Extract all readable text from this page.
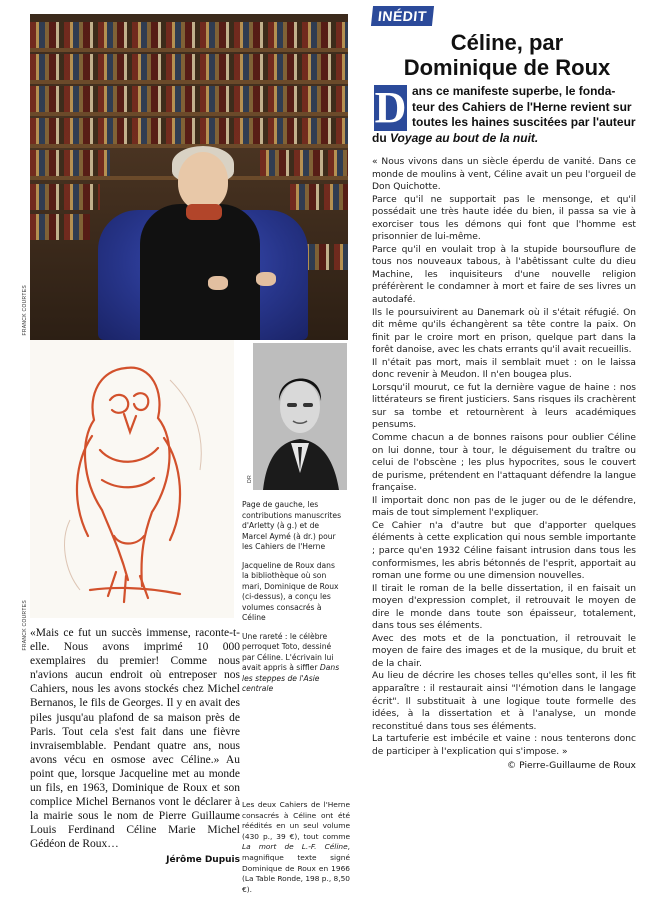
FRANCK COURTES
FRANCK COURTES
DR
INÉDIT
Céline, par
Dominique de Roux
D ans ce manifeste superbe, le fonda-
teur des Cahiers de l'Herne revient sur
toutes les haines suscitées par l'auteur
du Voyage au bout de la nuit.

« Nous vivons dans un siècle éperdu de vanité. Dans ce monde de moulins à vent, Céline avait un peu l'orgueil de Don Quichotte.

Parce qu'il ne supportait pas le mensonge, et qu'il possédait une très haute idée du bien, il passa sa vie à exorciser tous les démons qui font que l'homme est prisonnier de lui-même.

Parce qu'il en voulait trop à la stupide boursouflure de tous nos nouveaux tabous, à l'abêtissant culte du dieu Machine, les inquisiteurs d'une nouvelle religion préférèrent le condamner à mort et faire de ses livres un autodafé.

Ils le poursuivirent au Danemark où il s'était réfugié. On dit même qu'ils échangèrent sa tête contre la paix. On finit par le croire mort en prison, quelque part dans la forêt danoise, avec les chats errants qu'il avait recueillis.

Il n'était pas mort, mais il semblait muet : on le laissa donc revenir à Meudon. Il n'en bougea plus.

Lorsqu'il mourut, ce fut la dernière vague de haine : nos littérateurs se firent justiciers. Sans risques ils crachèrent sur sa tombe et retournèrent à leurs académiques pensums.

Comme chacun a de bonnes raisons pour oublier Céline on lui donne, tour à tour, le déguisement du traître ou celui de l'obscène ; les plus hypocrites, sous le couvert de purisme, prétendent en l'attaquant défendre la langue française.

Il importait donc non pas de le juger ou de le défendre, mais de tout simplement l'expliquer.

Ce Cahier n'a d'autre but que d'apporter quelques éléments à cette explication qui nous semble importante ; parce qu'en 1932 Céline faisant intrusion dans tous les conformismes, les abris bétonnés de l'esprit, apportait au roman une forme ou une dimension nouvelles.

Il tirait le roman de la belle dissertation, il en faisait un moyen d'expression complet, il retrouvait le moyen de dire le monde dans toute son épaisseur, totalement, dans tous ses éléments.

Avec des mots et de la ponctuation, il retrouvait le moyen de faire des images et de la musique, du bruit et de la chair.

Au lieu de décrire les choses telles qu'elles sont, il les fit apparaître : il restaurait ainsi "l'émotion dans le langage écrit". Il substituait à une logique toute formelle des idées, à la dissertation et à l'analyse, un monde reconstitué dans tous ses éléments.

La tartuferie est imbécile et vaine : nous tenterons donc de participer à l'explication qui s'impose. »

© Pierre-Guillaume de Roux
«Mais ce fut un succès immense, raconte-t-elle. Nous avons imprimé 10 000 exemplaires du premier! Comme nous n'avions aucun endroit où entreposer nos Cahiers, nous les avons stockés chez Michel Bernanos, le fils de Georges. Il y en avait des piles jusqu'au plafond de sa maison près de Paris. Tout cela s'est fait dans une fièvre invraisemblable. Pendant quatre ans, nous avons vécu en osmose avec Céline.» Au point que, lorsque Jacqueline met au monde un fils, en 1963, Dominique de Roux et son complice Michel Bernanos vont le déclarer à la mairie sous le nom de Pierre Guillaume Louis Ferdinand Céline Marie Michel Gédéon de Roux…
Jérôme Dupuis

Page de gauche, les contributions manuscrites d'Arletty (à g.) et de Marcel Aymé (à dr.) pour les Cahiers de l'Herne

Jacqueline de Roux dans la bibliothèque où son mari, Dominique de Roux (ci-dessus), a conçu les volumes consacrés à Céline

Une rareté : le célèbre perroquet Toto, dessiné par Céline. L'écrivain lui avait appris à siffler Dans les steppes de l'Asie centrale

Les deux Cahiers de l'Herne consacrés à Céline ont été réédités en un seul volume (430 p., 39 €), tout comme La mort de L.-F. Céline, magnifique texte signé Dominique de Roux en 1966 (La Table Ronde, 198 p., 8,50 €).
